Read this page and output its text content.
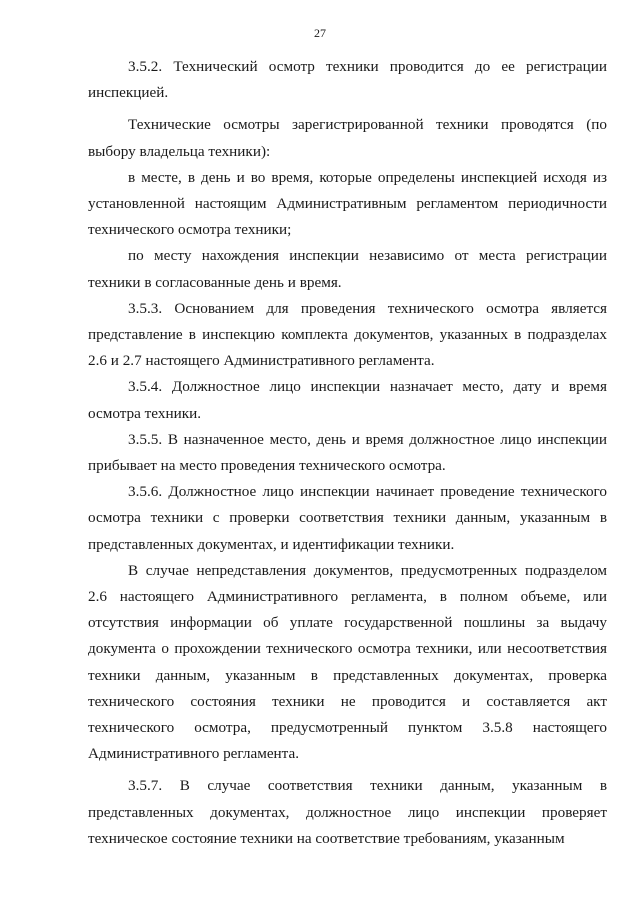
27

3.5.2. Технический осмотр техники проводится до ее регистрации инспекцией.

Технические осмотры зарегистрированной техники проводятся (по выбору владельца техники):

в месте, в день и во время, которые определены инспекцией исходя из установленной настоящим Административным регламентом периодичности технического осмотра техники;

по месту нахождения инспекции независимо от места регистрации техники в согласованные день и время.

3.5.3. Основанием для проведения технического осмотра является представление в инспекцию комплекта документов, указанных в подразделах 2.6 и 2.7 настоящего Административного регламента.

3.5.4. Должностное лицо инспекции назначает место, дату и время осмотра техники.

3.5.5. В назначенное место, день и время должностное лицо инспекции прибывает на место проведения технического осмотра.

3.5.6. Должностное лицо инспекции начинает проведение технического осмотра техники с проверки соответствия техники данным, указанным в представленных документах, и идентификации техники.

В случае непредставления документов, предусмотренных подразделом 2.6 настоящего Административного регламента, в полном объеме, или отсутствия информации об уплате государственной пошлины за выдачу документа о прохождении технического осмотра техники, или несоответствия техники данным, указанным в представленных документах, проверка технического состояния техники не проводится и составляется акт технического осмотра, предусмотренный пунктом 3.5.8 настоящего Административного регламента.

3.5.7. В случае соответствия техники данным, указанным в представленных документах, должностное лицо инспекции проверяет техническое состояние техники на соответствие требованиям, указанным
